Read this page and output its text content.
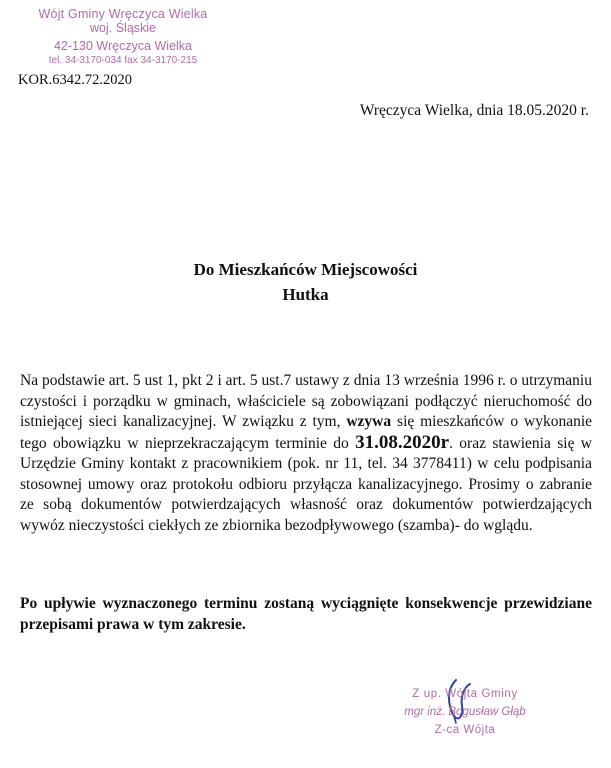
Wójt Gminy Wręczyca Wielka
woj. Śląskie
42-130 Wręczyca Wielka
tel. 34-3170-034 fax 34-3170-215
KOR.6342.72.2020
Wręczyca Wielka, dnia 18.05.2020 r.
Do Mieszkańców Miejscowości
Hutka
Na podstawie art. 5 ust 1, pkt 2 i art. 5 ust.7 ustawy z dnia 13 września 1996 r. o utrzymaniu czystości i porządku w gminach, właściciele są zobowiązani podłączyć nieruchomość do istniejącej sieci kanalizacyjnej. W związku z tym, wzywa się mieszkańców o wykonanie tego obowiązku w nieprzekraczającym terminie do 31.08.2020r. oraz stawienia się w Urzędzie Gminy kontakt z pracownikiem (pok. nr 11, tel. 34 3778411) w celu podpisania stosownej umowy oraz protokołu odbioru przyłącza kanalizacyjnego. Prosimy o zabranie ze sobą dokumentów potwierdzających własność oraz dokumentów potwierdzających wywóz nieczystości ciekłych ze zbiornika bezodpływowego (szamba)- do wglądu.
Po upływie wyznaczonego terminu zostaną wyciągnięte konsekwencje przewidziane przepisami prawa w tym zakresie.
Z up. Wójta Gminy
mgr inż. Bogusław Głąb
Z-ca Wójta
